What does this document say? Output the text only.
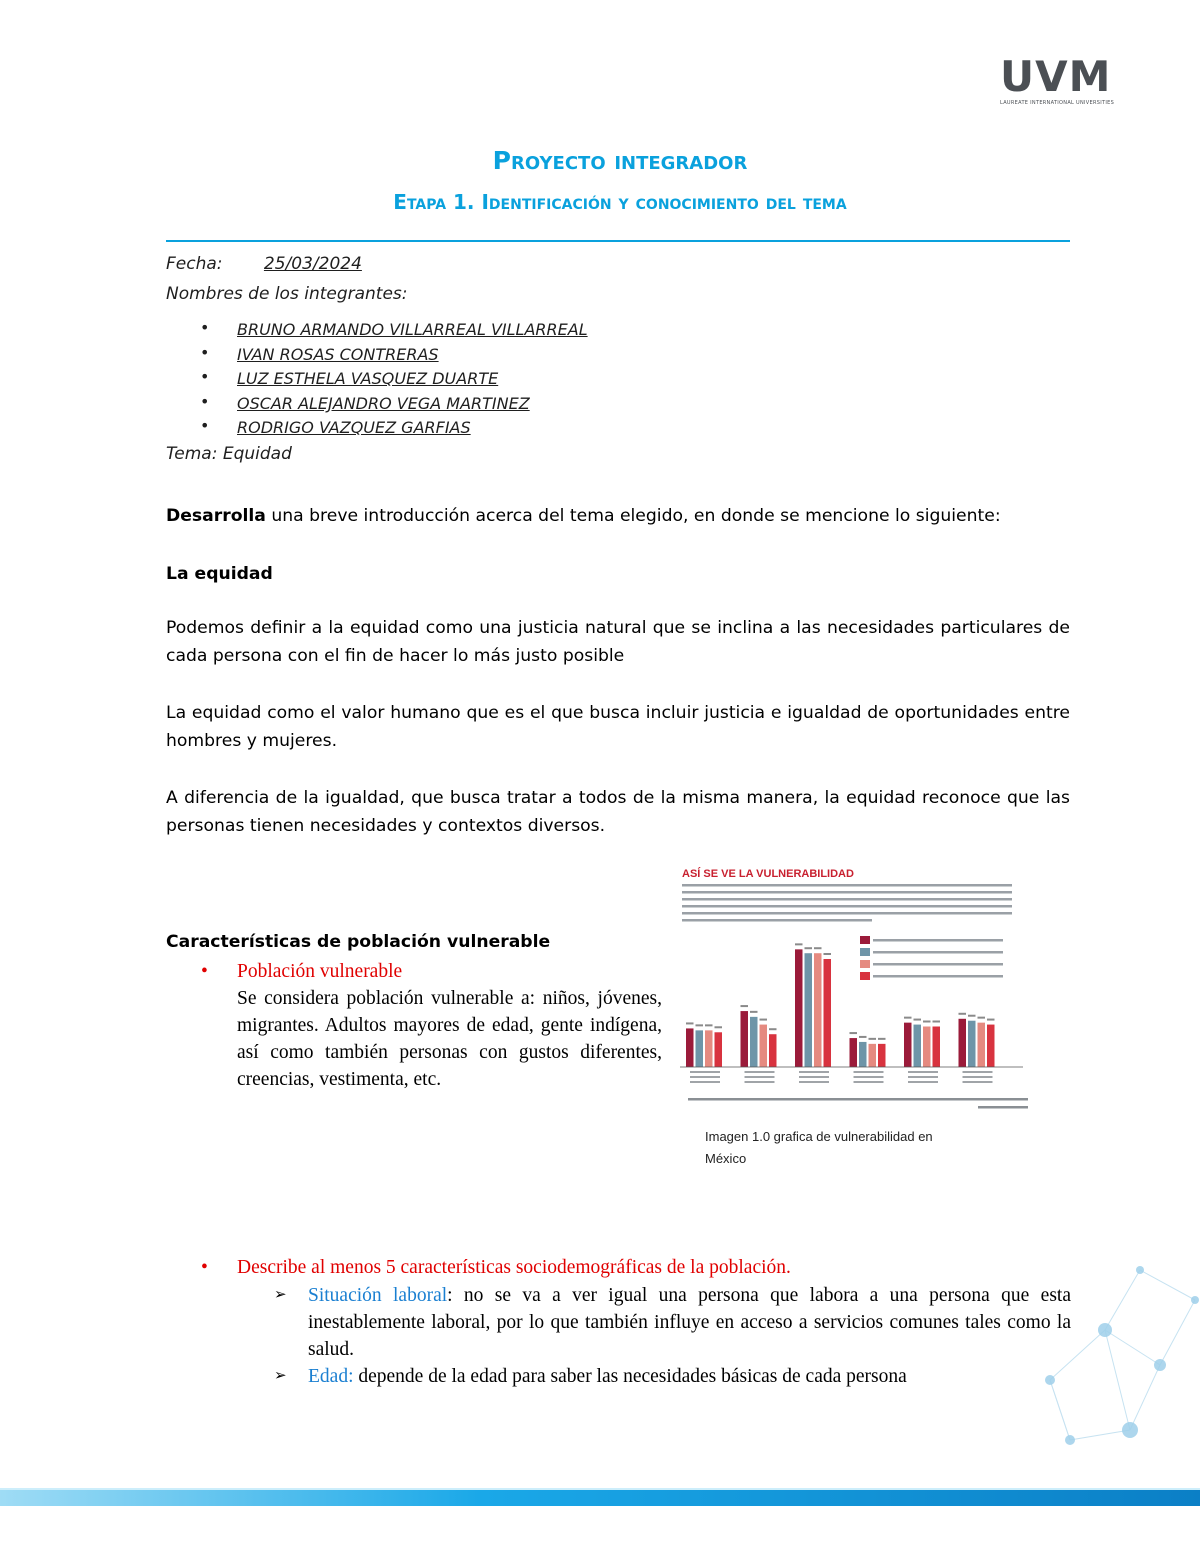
UVM
LAUREATE INTERNATIONAL UNIVERSITIES
Proyecto integrador
Etapa 1. Identificación y conocimiento del tema
Fecha: 25/03/2024
Nombres de los integrantes:
• BRUNO ARMANDO VILLARREAL VILLARREAL
• IVAN ROSAS CONTRERAS
• LUZ ESTHELA VASQUEZ DUARTE
• OSCAR ALEJANDRO VEGA MARTINEZ
• RODRIGO VAZQUEZ GARFIAS
Tema: Equidad
Desarrolla una breve introducción acerca del tema elegido, en donde se mencione lo siguiente:
La equidad
Podemos definir a la equidad como una justicia natural que se inclina a las necesidades particulares de cada persona con el fin de hacer lo más justo posible
La equidad como el valor humano que es el que busca incluir justicia e igualdad de oportunidades entre hombres y mujeres.
A diferencia de la igualdad, que busca tratar a todos de la misma manera, la equidad reconoce que las personas tienen necesidades y contextos diversos.
Características de población vulnerable
• Población vulnerable
Se considera población vulnerable a: niños, jóvenes, migrantes. Adultos mayores de edad, gente indígena, así como también personas con gustos diferentes, creencias, vestimenta, etc.
ASÍ SE VE LA VULNERABILIDAD
Imagen 1.0 grafica de vulnerabilidad en México
• Describe al menos 5 características sociodemográficas de la población.
➢ Situación laboral: no se va a ver igual una persona que labora a una persona que esta inestablemente laboral, por lo que también influye en acceso a servicios comunes tales como la salud.
➢ Edad: depende de la edad para saber las necesidades básicas de cada persona
